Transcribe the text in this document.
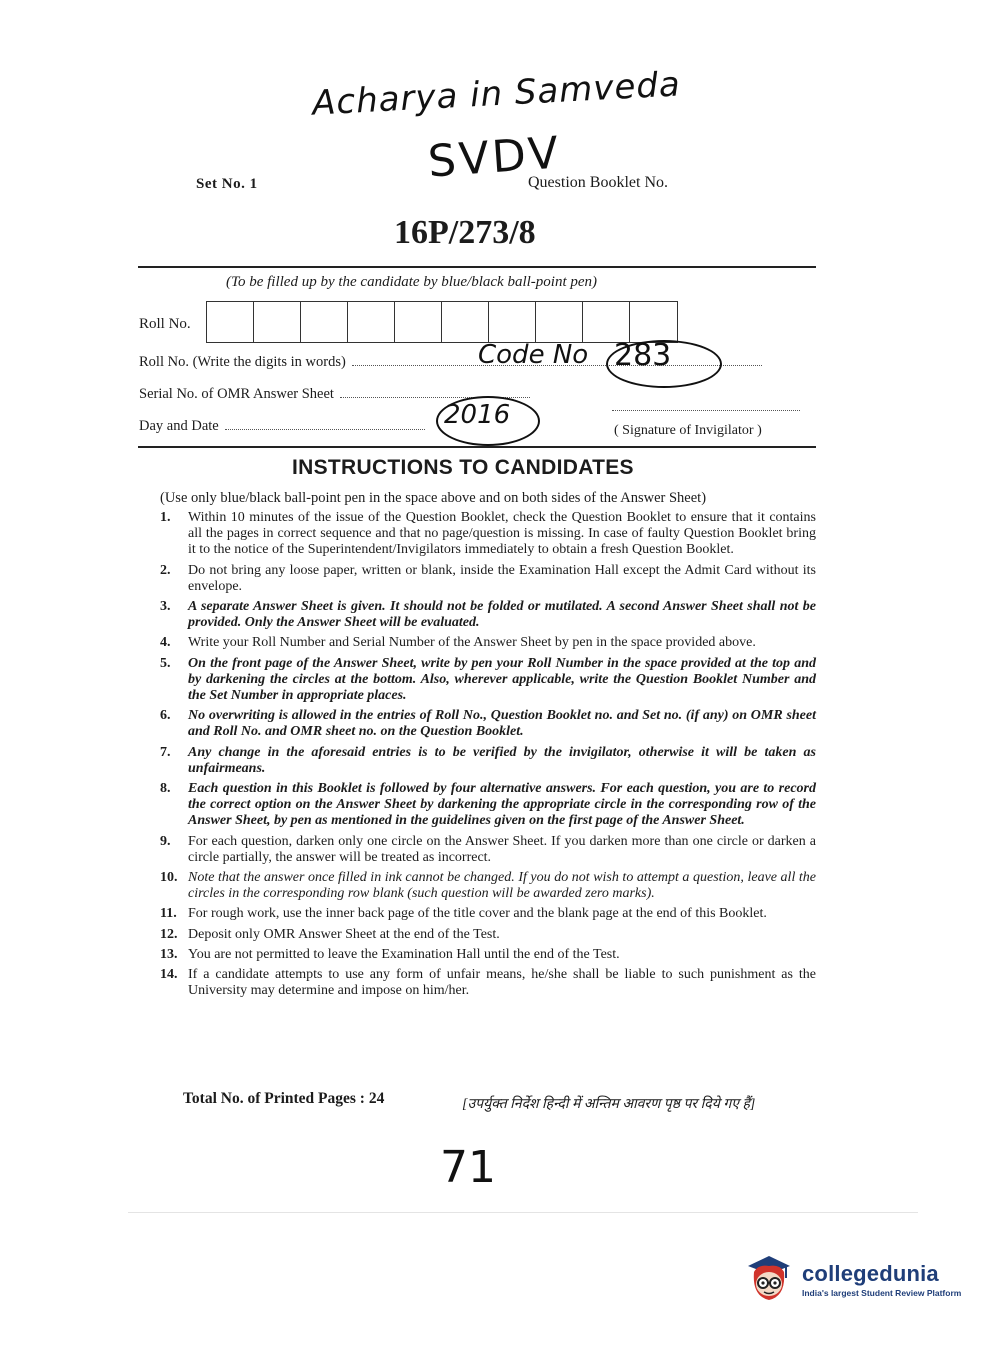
Acharya in Samveda
SVDV
Set No. 1	Question Booklet No.
16P/273/8
(To be filled up by the candidate by blue/black ball-point pen)
Roll No.
Roll No. (Write the digits in words)
Serial No. of OMR Answer Sheet
Day and Date
Code No 283
2016
( Signature of Invigilator )
INSTRUCTIONS TO CANDIDATES
(Use only blue/black ball-point pen in the space above and on both sides of the Answer Sheet)
1.	Within 10 minutes of the issue of the Question Booklet, check the Question Booklet to ensure that it contains all the pages in correct sequence and that no page/question is missing. In case of faulty Question Booklet bring it to the notice of the Superintendent/Invigilators immediately to obtain a fresh Question Booklet.
2.	Do not bring any loose paper, written or blank, inside the Examination Hall except the Admit Card without its envelope.
3.	A separate Answer Sheet is given. It should not be folded or mutilated. A second Answer Sheet shall not be provided. Only the Answer Sheet will be evaluated.
4.	Write your Roll Number and Serial Number of the Answer Sheet by pen in the space provided above.
5.	On the front page of the Answer Sheet, write by pen your Roll Number in the space provided at the top and by darkening the circles at the bottom. Also, wherever applicable, write the Question Booklet Number and the Set Number in appropriate places.
6.	No overwriting is allowed in the entries of Roll No., Question Booklet no. and Set no. (if any) on OMR sheet and Roll No. and OMR sheet no. on the Question Booklet.
7.	Any change in the aforesaid entries is to be verified by the invigilator, otherwise it will be taken as unfairmeans.
8.	Each question in this Booklet is followed by four alternative answers. For each question, you are to record the correct option on the Answer Sheet by darkening the appropriate circle in the corresponding row of the Answer Sheet, by pen as mentioned in the guidelines given on the first page of the Answer Sheet.
9.	For each question, darken only one circle on the Answer Sheet. If you darken more than one circle or darken a circle partially, the answer will be treated as incorrect.
10. Note that the answer once filled in ink cannot be changed. If you do not wish to attempt a question, leave all the circles in the corresponding row blank (such question will be awarded zero marks).
11. For rough work, use the inner back page of the title cover and the blank page at the end of this Booklet.
12. Deposit only OMR Answer Sheet at the end of the Test.
13. You are not permitted to leave the Examination Hall until the end of the Test.
14. If a candidate attempts to use any form of unfair means, he/she shall be liable to such punishment as the University may determine and impose on him/her.
Total No. of Printed Pages : 24	[उपर्युक्त निर्देश हिन्दी में अन्तिम आवरण पृष्ठ पर दिये गए हैं]
71
collegedunia
India's largest Student Review Platform
